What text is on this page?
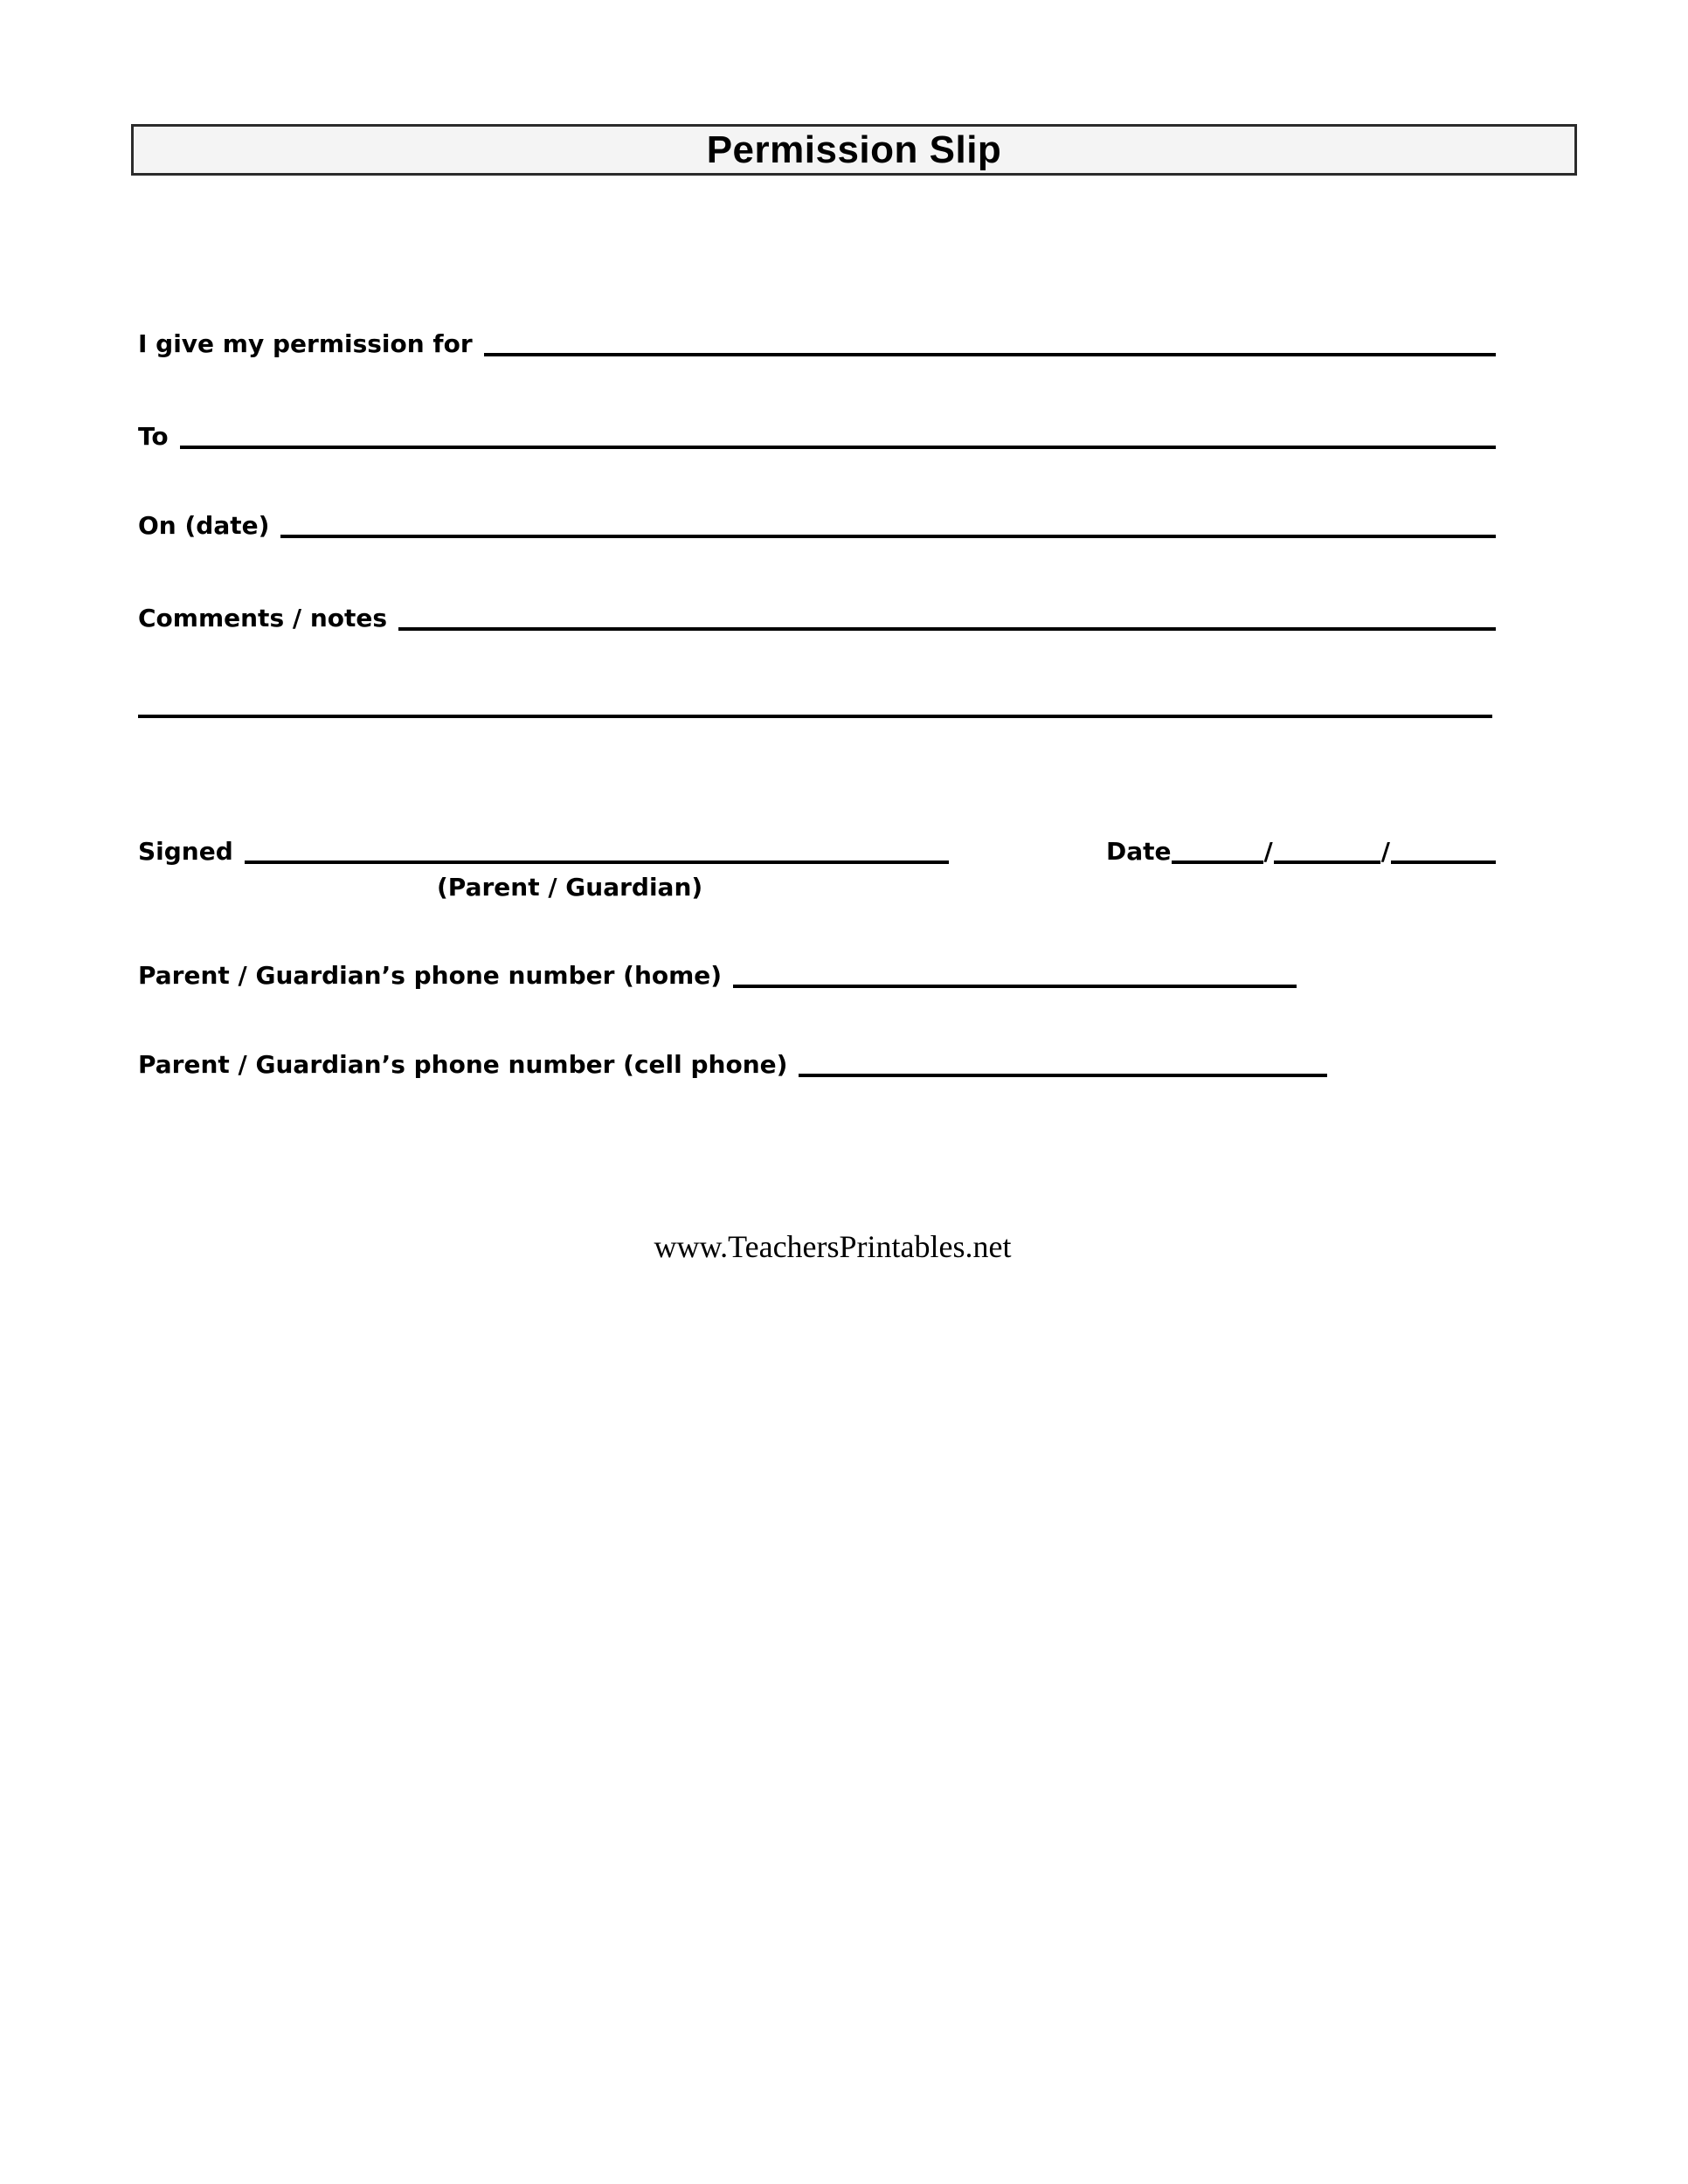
Permission Slip
I give my permission for
To
On (date)
Comments / notes
Signed	Date	/	/
(Parent / Guardian)
Parent / Guardian’s phone number (home)
Parent / Guardian’s phone number (cell phone)
www.TeachersPrintables.net
